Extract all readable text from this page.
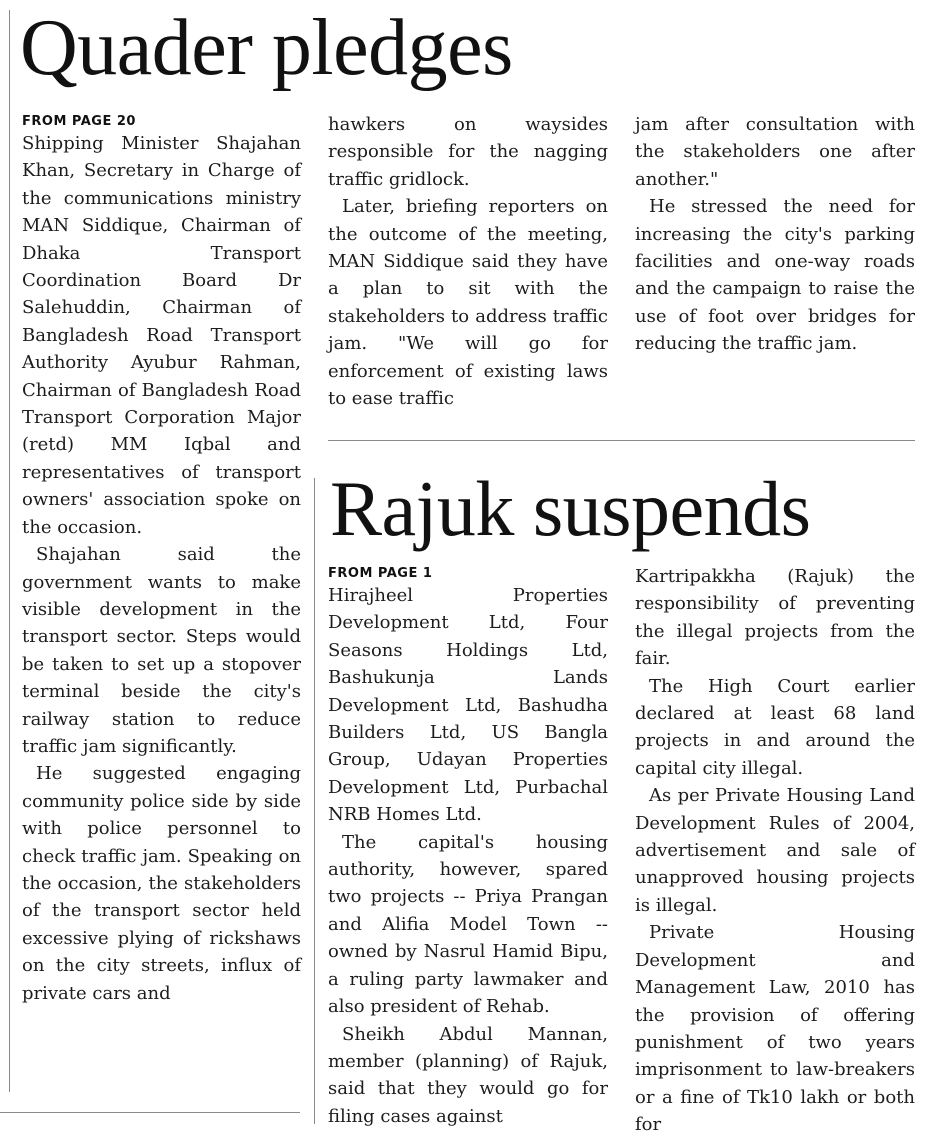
Quader pledges
FROM PAGE 20

Shipping Minister Shajahan Khan, Secretary in Charge of the communications ministry MAN Siddique, Chairman of Dhaka Transport Coordination Board Dr Salehuddin, Chairman of Bangladesh Road Transport Authority Ayubur Rahman, Chairman of Bangladesh Road Transport Corporation Major (retd) MM Iqbal and representatives of transport owners' association spoke on the occasion.

Shajahan said the government wants to make visible development in the transport sector. Steps would be taken to set up a stopover terminal beside the city's railway station to reduce traffic jam significantly.

He suggested engaging community police side by side with police personnel to check traffic jam. Speaking on the occasion, the stakeholders of the transport sector held excessive plying of rickshaws on the city streets, influx of private cars and

hawkers on waysides responsible for the nagging traffic gridlock.

Later, briefing reporters on the outcome of the meeting, MAN Siddique said they have a plan to sit with the stakeholders to address traffic jam. "We will go for enforcement of existing laws to ease traffic

jam after consultation with the stakeholders one after another."

He stressed the need for increasing the city's parking facilities and one-way roads and the campaign to raise the use of foot over bridges for reducing the traffic jam.

Rajuk suspends
FROM PAGE 1

Hirajheel Properties Development Ltd, Four Seasons Holdings Ltd, Bashukunja Lands Development Ltd, Bashudha Builders Ltd, US Bangla Group, Udayan Properties Development Ltd, Purbachal NRB Homes Ltd.

The capital's housing authority, however, spared two projects -- Priya Prangan and Alifia Model Town -- owned by Nasrul Hamid Bipu, a ruling party lawmaker and also president of Rehab.

Sheikh Abdul Mannan, member (planning) of Rajuk, said that they would go for filing cases against

Kartripakkha (Rajuk) the responsibility of preventing the illegal projects from the fair.

The High Court earlier declared at least 68 land projects in and around the capital city illegal.

As per Private Housing Land Development Rules of 2004, advertisement and sale of unapproved housing projects is illegal.

Private Housing Development and Management Law, 2010 has the provision of offering punishment of two years imprisonment to law-breakers or a fine of Tk10 lakh or both for
